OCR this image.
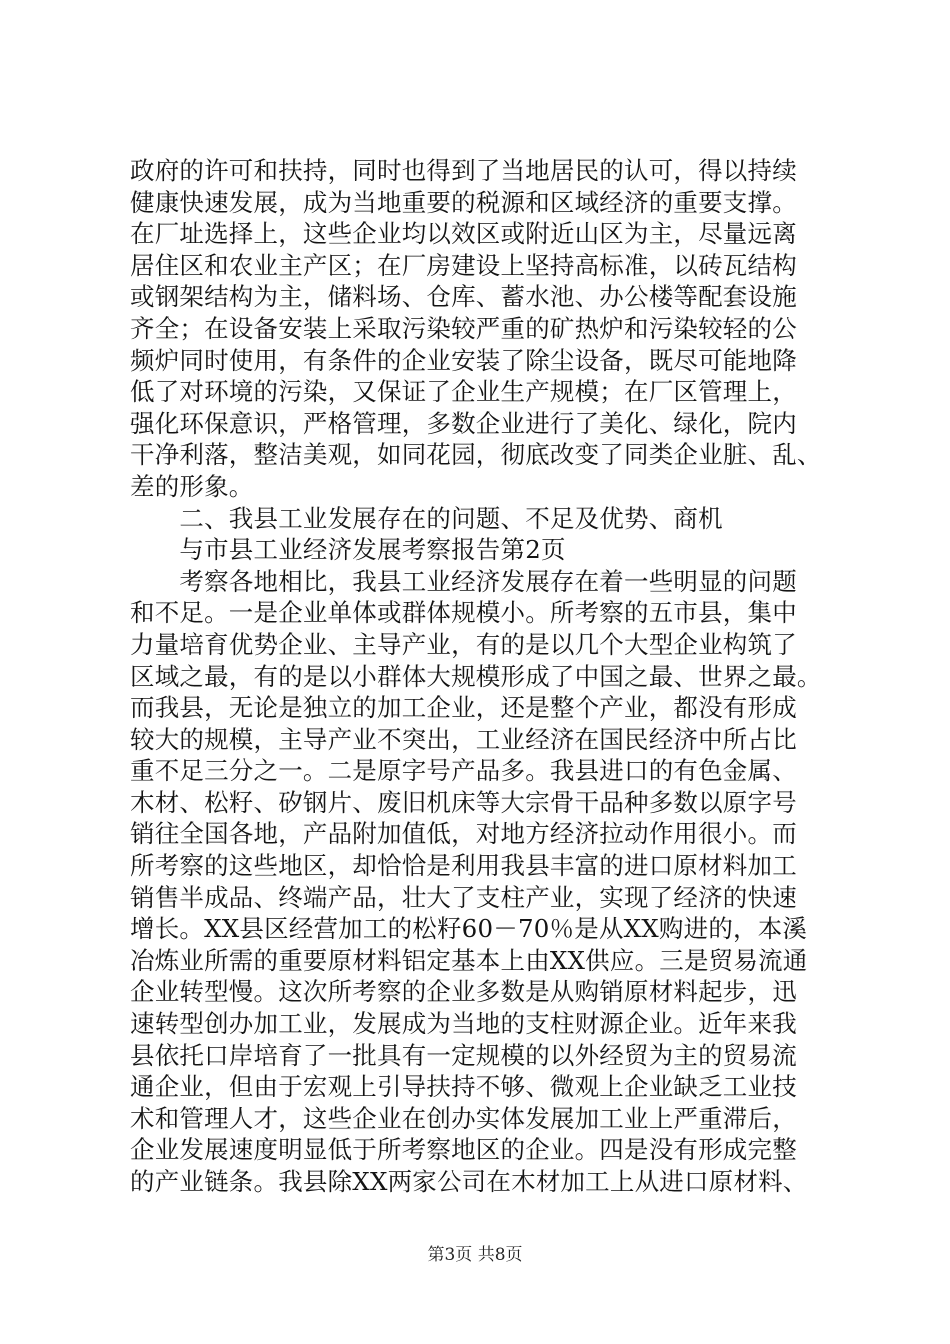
政府的许可和扶持，同时也得到了当地居民的认可，得以持续
健康快速发展，成为当地重要的税源和区域经济的重要支撑。
在厂址选择上，这些企业均以效区或附近山区为主，尽量远离
居住区和农业主产区；在厂房建设上坚持高标准，以砖瓦结构
或钢架结构为主，储料场、仓库、蓄水池、办公楼等配套设施
齐全；在设备安装上采取污染较严重的矿热炉和污染较轻的公
频炉同时使用，有条件的企业安装了除尘设备，既尽可能地降
低了对环境的污染，又保证了企业生产规模；在厂区管理上，
强化环保意识，严格管理，多数企业进行了美化、绿化，院内
干净利落，整洁美观，如同花园，彻底改变了同类企业脏、乱、
差的形象。
　　二、我县工业发展存在的问题、不足及优势、商机
　　与市县工业经济发展考察报告第2页
　　考察各地相比，我县工业经济发展存在着一些明显的问题
和不足。一是企业单体或群体规模小。所考察的五市县，集中
力量培育优势企业、主导产业，有的是以几个大型企业构筑了
区域之最，有的是以小群体大规模形成了中国之最、世界之最。
而我县，无论是独立的加工企业，还是整个产业，都没有形成
较大的规模，主导产业不突出，工业经济在国民经济中所占比
重不足三分之一。二是原字号产品多。我县进口的有色金属、
木材、松籽、矽钢片、废旧机床等大宗骨干品种多数以原字号
销往全国各地，产品附加值低，对地方经济拉动作用很小。而
所考察的这些地区，却恰恰是利用我县丰富的进口原材料加工
销售半成品、终端产品，壮大了支柱产业，实现了经济的快速
增长。XX县区经营加工的松籽60－70％是从XX购进的，本溪
冶炼业所需的重要原材料铝定基本上由XX供应。三是贸易流通
企业转型慢。这次所考察的企业多数是从购销原材料起步，迅
速转型创办加工业，发展成为当地的支柱财源企业。近年来我
县依托口岸培育了一批具有一定规模的以外经贸为主的贸易流
通企业，但由于宏观上引导扶持不够、微观上企业缺乏工业技
术和管理人才，这些企业在创办实体发展加工业上严重滞后，
企业发展速度明显低于所考察地区的企业。四是没有形成完整
的产业链条。我县除XX两家公司在木材加工上从进口原材料、
第3页 共8页
